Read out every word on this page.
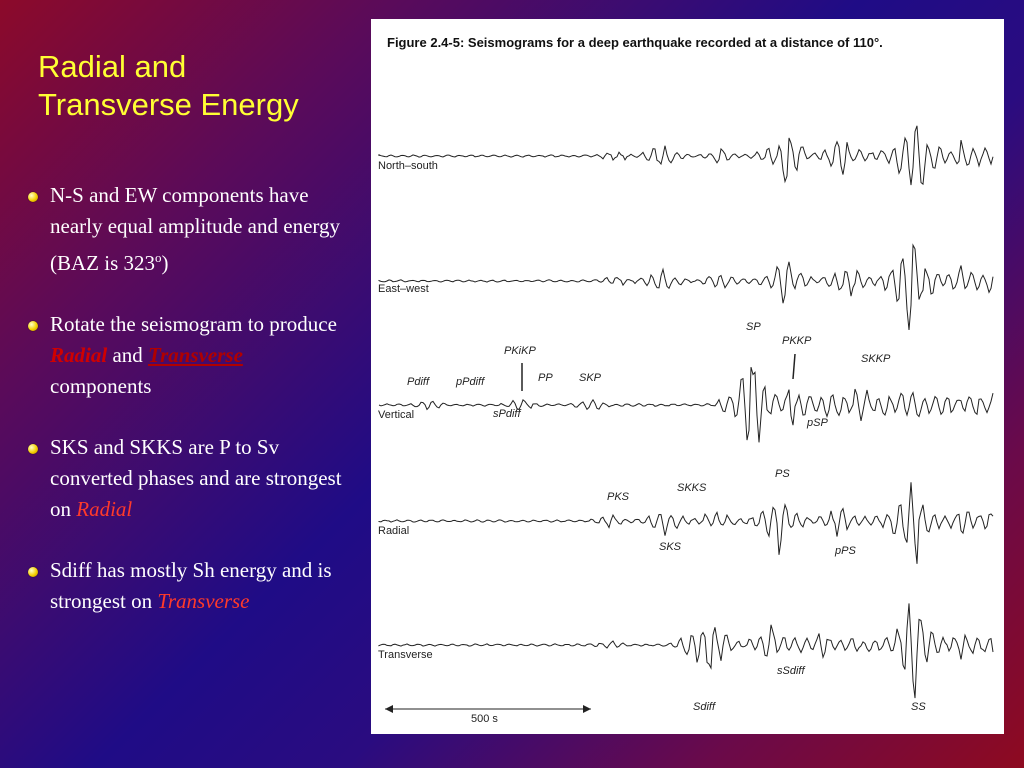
Radial and
Transverse Energy
N-S and EW components have nearly equal amplitude and energy (BAZ is 323$^o$)
Rotate the seismogram to produce Radial and Transverse components
SKS and SKKS are P to Sv converted phases and are strongest on Radial
Sdiff has mostly Sh energy and is strongest on Transverse
Figure 2.4-5: Seismograms for a deep earthquake recorded at a distance of 110°.
North–south
East–west
Vertical
Radial
Transverse
Pdiff pPdiff
PKiKP
PP SKP
sPdiff
SP
PKKP
SKKP
pSP
PKS
SKKS
PS
SKS	pPS
Sdiff
sSdiff
SS
500 s
